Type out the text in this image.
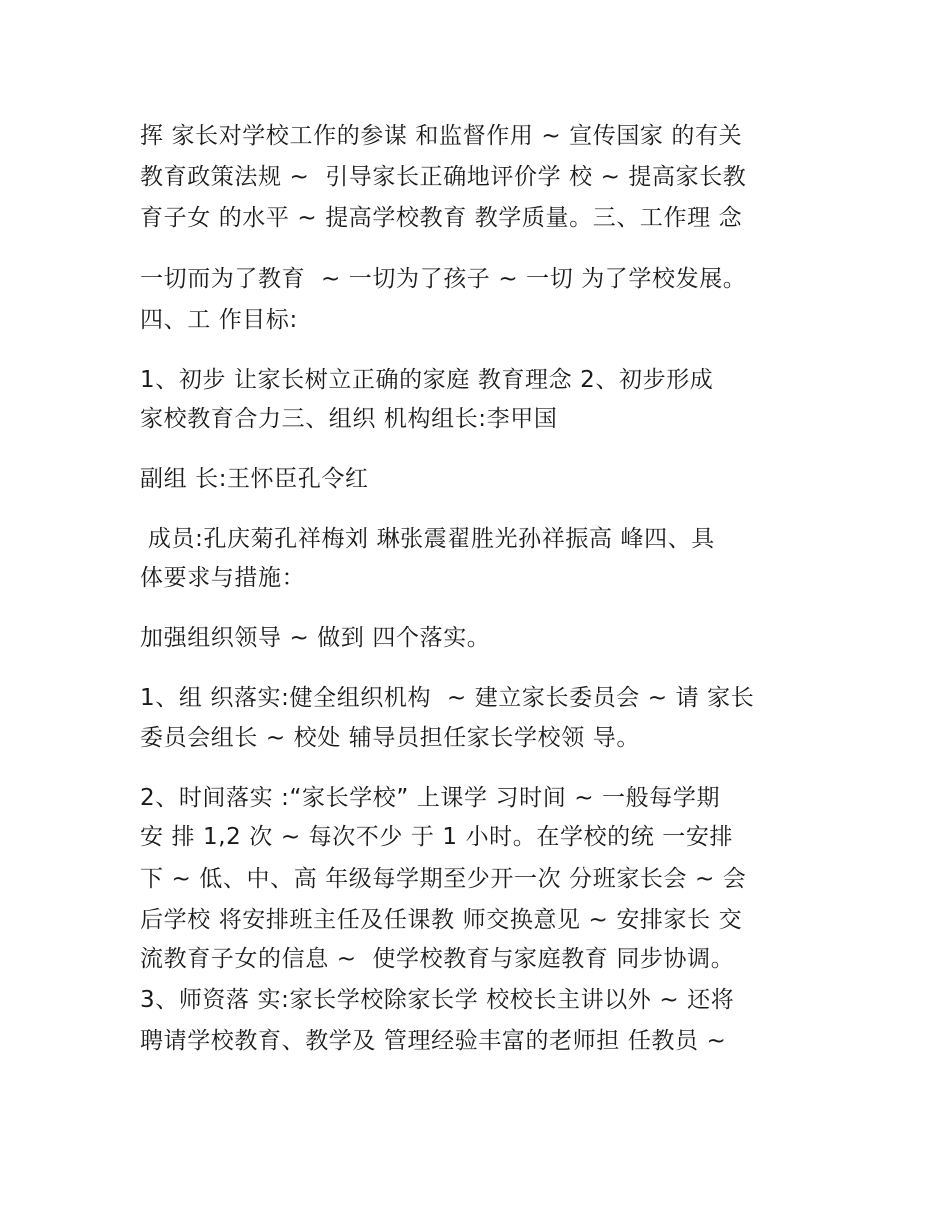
挥 家长对学校工作的参谋 和监督作用 ~ 宣传国家 的有关
教育政策法规 ~  引导家长正确地评价学 校 ~ 提高家长教
育子女 的水平 ~ 提高学校教育 教学质量。三、工作理 念
一切而为了教育  ~ 一切为了孩子 ~ 一切 为了学校发展。
四、工 作目标:
1、初步 让家长树立正确的家庭 教育理念 2、初步形成
家校教育合力三、组织 机构组长:李甲国
副组 长:王怀臣孔令红
成员:孔庆菊孔祥梅刘 琳张震翟胜光孙祥振高 峰四、具
体要求与措施：
加强组织领导 ~ 做到 四个落实。
1、组 织落实:健全组织机构  ~ 建立家长委员会 ~ 请 家长
委员会组长 ~ 校处 辅导员担任家长学校领 导。
2、时间落实 :“家长学校” 上课学 习时间 ~ 一般每学期
安 排 1,2 次 ~ 每次不少 于 1 小时。在学校的统 一安排
下 ~ 低、中、高 年级每学期至少开一次 分班家长会 ~ 会
后学校 将安排班主任及任课教 师交换意见 ~ 安排家长 交
流教育子女的信息 ~  使学校教育与家庭教育 同步协调。
3、师资落 实:家长学校除家长学 校校长主讲以外 ~ 还将
聘请学校教育、教学及 管理经验丰富的老师担 任教员 ~
